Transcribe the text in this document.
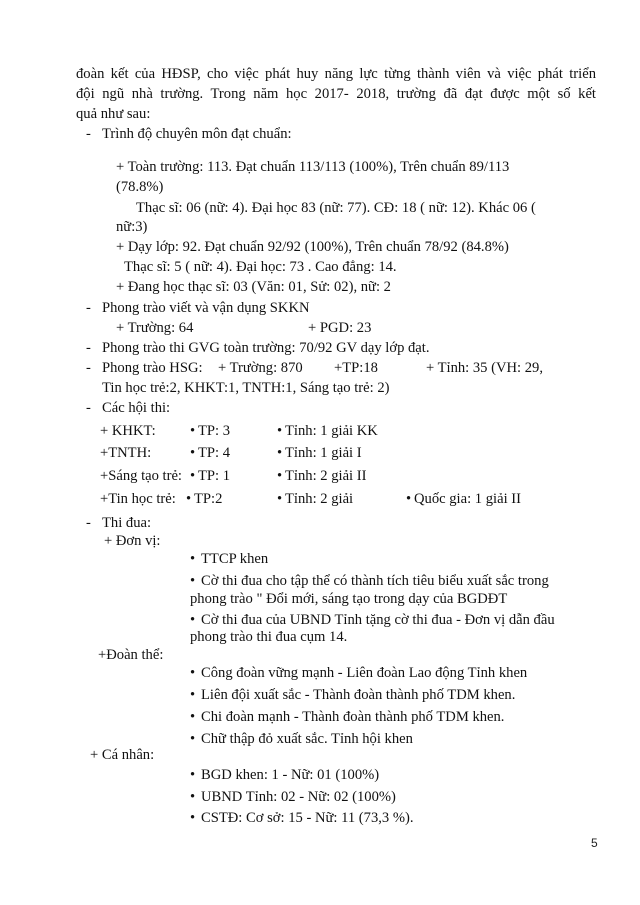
đoàn kết của HĐSP, cho việc phát huy năng lực từng thành viên và việc phát triển
đội ngũ nhà trường. Trong năm học 2017- 2018, trường đã đạt được một số kết
quả như sau:
- Trình độ chuyên môn đạt chuẩn:
+ Toàn trường: 113. Đạt chuẩn 113/113 (100%), Trên chuẩn 89/113
(78.8%)
Thạc sĩ: 06 (nữ: 4). Đại học 83 (nữ: 77). CĐ: 18 ( nữ: 12). Khác 06 (
nữ:3)
+ Dạy lớp: 92. Đạt chuẩn 92/92 (100%), Trên chuẩn 78/92 (84.8%)
Thạc sĩ: 5 ( nữ: 4). Đại học: 73 . Cao đẳng: 14.
+ Đang học thạc sĩ: 03 (Văn: 01, Sử: 02), nữ: 2
- Phong trào viết và vận dụng SKKN
+ Trường: 64	+ PGD: 23
- Phong trào thi GVG toàn trường: 70/92 GV dạy lớp đạt.
- Phong trào HSG: + Trường: 870 +TP:18	+ Tỉnh: 35 (VH: 29,
Tin học trẻ:2, KHKT:1, TNTH:1, Sáng tạo trẻ: 2)
- Các hội thi:
+ KHKT: • TP: 3	• Tỉnh: 1 giải KK
+TNTH:	• TP: 4	• Tỉnh: 1 giải I
+Sáng tạo trẻ: • TP: 1	• Tỉnh: 2 giải II
+Tin học trẻ: • TP:2	• Tỉnh: 2 giải	• Quốc gia: 1 giải II
- Thi đua:
+ Đơn vị:
• TTCP khen
• Cờ thi đua cho tập thể có thành tích tiêu biểu xuất sắc trong
phong trào " Đổi mới, sáng tạo trong dạy của BGDĐT
• Cờ thi đua của UBND Tỉnh tặng cờ thi đua - Đơn vị dẫn đầu
phong trào thi đua cụm 14.
+Đoàn thể:
• Công đoàn vững mạnh - Liên đoàn Lao động Tỉnh khen
• Liên đội xuất sắc - Thành đoàn thành phố TDM khen.
• Chi đoàn mạnh - Thành đoàn thành phố TDM khen.
• Chữ thập đỏ xuất sắc. Tỉnh hội khen
+ Cá nhân:
• BGD khen: 1 - Nữ: 01 (100%)
• UBND Tỉnh: 02 - Nữ: 02 (100%)
• CSTĐ: Cơ sở: 15 - Nữ: 11 (73,3 %).
5
